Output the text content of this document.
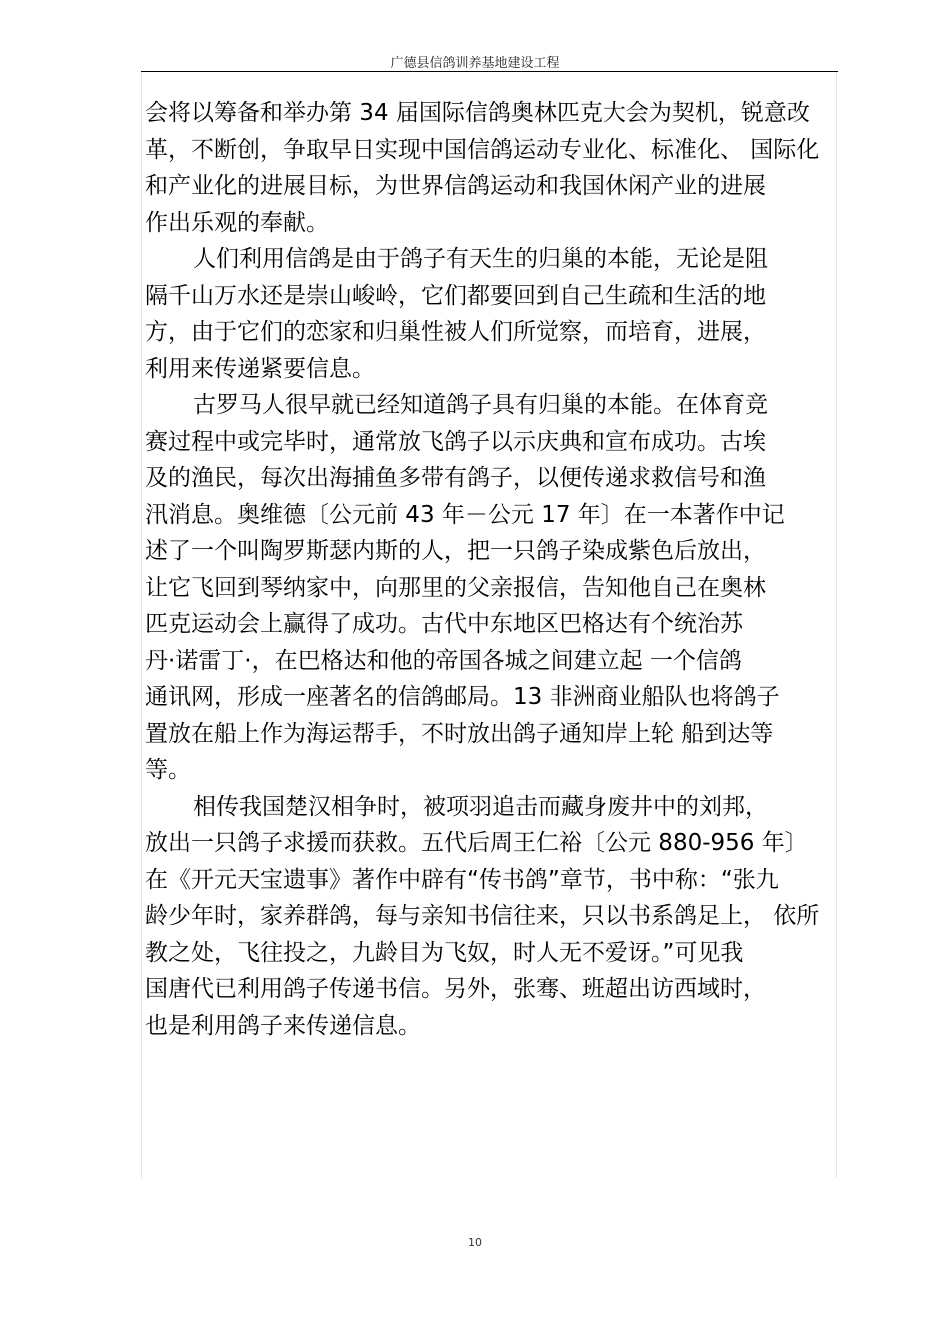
广德县信鸽训养基地建设工程
会将以筹备和举办第 34 届国际信鸽奥林匹克大会为契机，锐意改
革，不断创，争取早日实现中国信鸽运动专业化、标准化、 国际化
和产业化的进展目标，为世界信鸽运动和我国休闲产业的进展
作出乐观的奉献。
人们利用信鸽是由于鸽子有天生的归巢的本能，无论是阻
隔千山万水还是崇山峻岭，它们都要回到自己生疏和生活的地
方，由于它们的恋家和归巢性被人们所觉察，而培育，进展，
利用来传递紧要信息。
古罗马人很早就已经知道鸽子具有归巢的本能。在体育竞
赛过程中或完毕时，通常放飞鸽子以示庆典和宣布成功。古埃
及的渔民，每次出海捕鱼多带有鸽子，以便传递求救信号和渔
汛消息。奥维德〔公元前 43 年－公元 17 年〕在一本著作中记
述了一个叫陶罗斯瑟内斯的人，把一只鸽子染成紫色后放出，
让它飞回到琴纳家中，向那里的父亲报信，告知他自己在奥林
匹克运动会上赢得了成功。古代中东地区巴格达有个统治苏
丹·诺雷丁·，在巴格达和他的帝国各城之间建立起 一个信鸽
通讯网，形成一座著名的信鸽邮局。13 非洲商业船队也将鸽子
置放在船上作为海运帮手，不时放出鸽子通知岸上轮 船到达等
等。
相传我国楚汉相争时，被项羽追击而藏身废井中的刘邦，
放出一只鸽子求援而获救。五代后周王仁裕〔公元 880-956 年〕
在《开元天宝遗事》著作中辟有“传书鸽”章节，书中称：“张九
龄少年时，家养群鸽，每与亲知书信往来，只以书系鸽足上， 依所
教之处，飞往投之，九龄目为飞奴，时人无不爱讶。”可见我
国唐代已利用鸽子传递书信。另外，张骞、班超出访西域时，
也是利用鸽子来传递信息。
10
